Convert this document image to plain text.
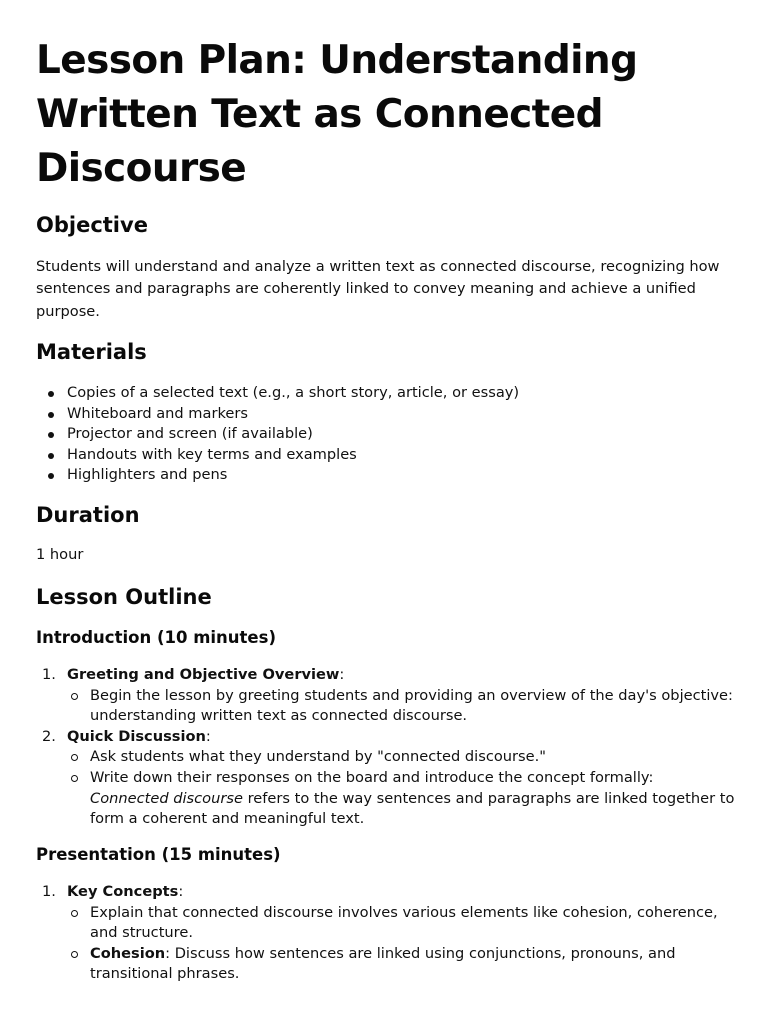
Lesson Plan: Understanding Written Text as Connected Discourse
Objective

Students will understand and analyze a written text as connected discourse, recognizing how sentences and paragraphs are coherently linked to convey meaning and achieve a unified purpose.

Materials
Copies of a selected text (e.g., a short story, article, or essay)
Whiteboard and markers
Projector and screen (if available)
Handouts with key terms and examples
Highlighters and pens
Duration

1 hour

Lesson Outline
Introduction (10 minutes)
1. Greeting and Objective Overview:
Begin the lesson by greeting students and providing an overview of the day's objective: understanding written text as connected discourse.
2. Quick Discussion:
Ask students what they understand by "connected discourse."
Write down their responses on the board and introduce the concept formally:
Connected discourse refers to the way sentences and paragraphs are linked together to form a coherent and meaningful text.
Presentation (15 minutes)
1. Key Concepts:
Explain that connected discourse involves various elements like cohesion, coherence, and structure.
Cohesion: Discuss how sentences are linked using conjunctions, pronouns, and transitional phrases.
